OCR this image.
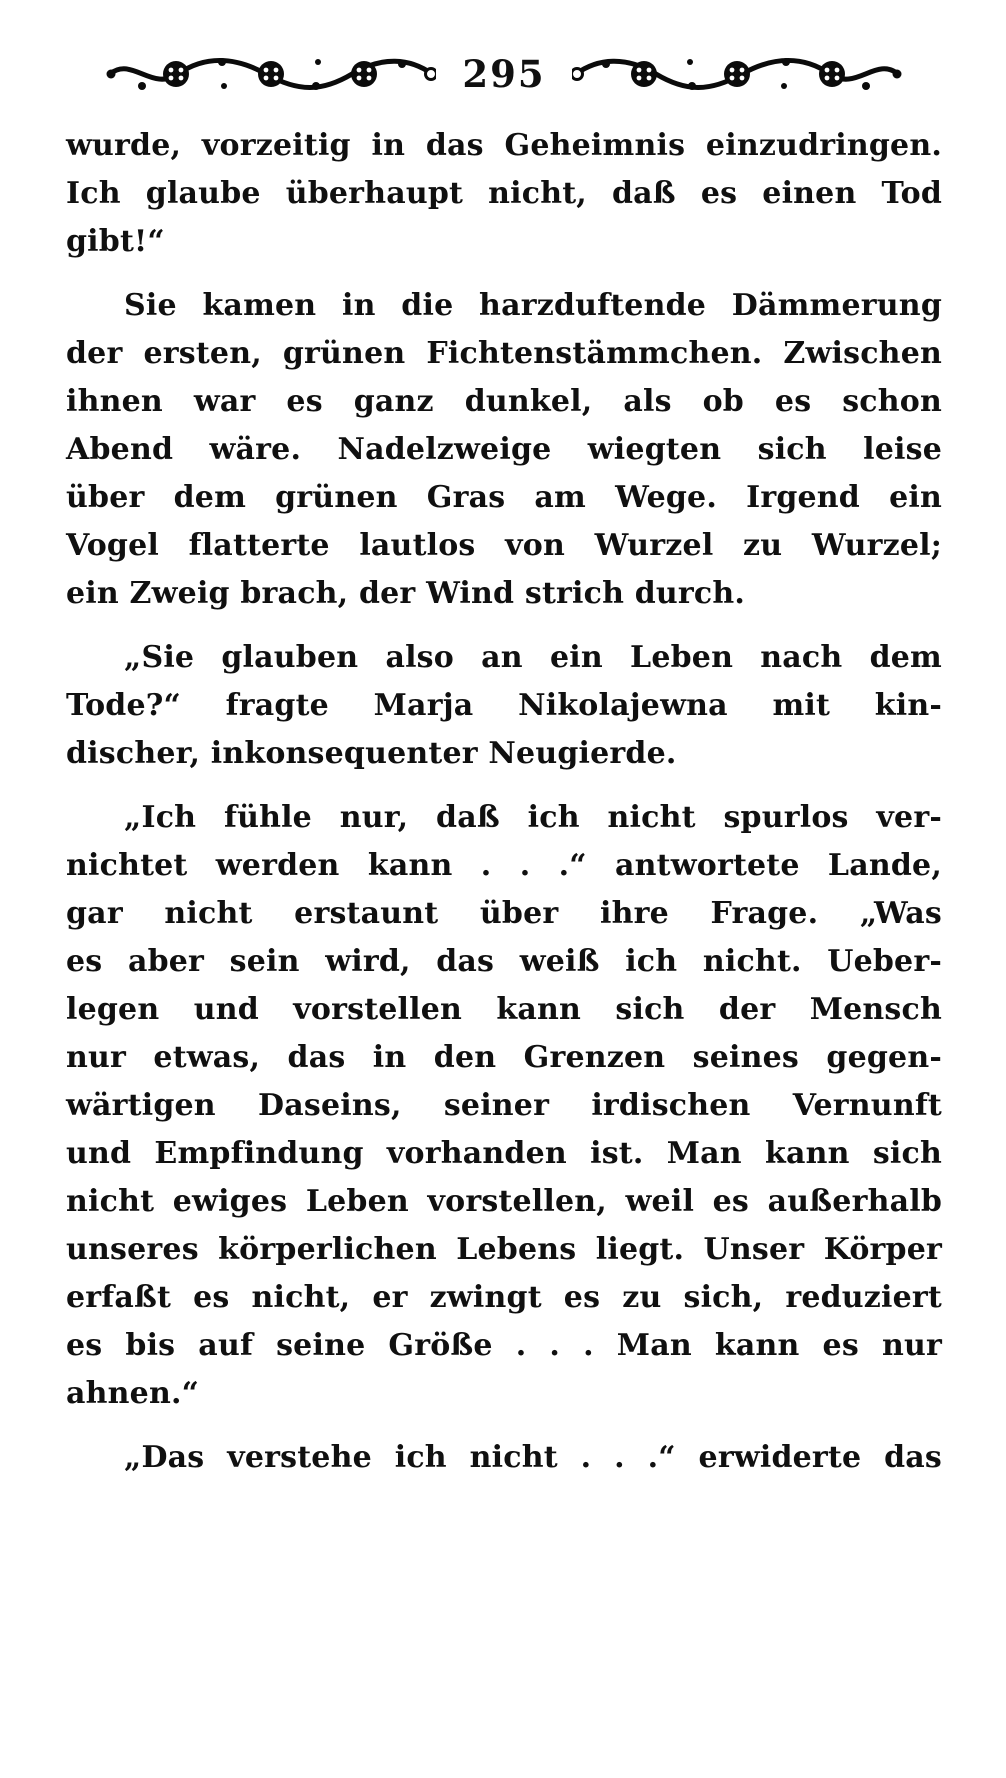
295
wurde, vorzeitig in das Geheimnis einzudringen.
Ich glaube überhaupt nicht, daß es einen Tod
gibt!“
Sie kamen in die harzduftende Dämmerung
der ersten, grünen Fichtenstämmchen. Zwischen
ihnen war es ganz dunkel, als ob es schon
Abend wäre. Nadelzweige wiegten sich leise
über dem grünen Gras am Wege. Irgend ein
Vogel flatterte lautlos von Wurzel zu Wurzel;
ein Zweig brach, der Wind strich durch.
„Sie glauben also an ein Leben nach dem
Tode?“ fragte Marja Nikolajewna mit kin-
discher, inkonsequenter Neugierde.
„Ich fühle nur, daß ich nicht spurlos ver-
nichtet werden kann . . .“ antwortete Lande,
gar nicht erstaunt über ihre Frage. „Was
es aber sein wird, das weiß ich nicht. Ueber-
legen und vorstellen kann sich der Mensch
nur etwas, das in den Grenzen seines gegen-
wärtigen Daseins, seiner irdischen Vernunft
und Empfindung vorhanden ist. Man kann sich
nicht ewiges Leben vorstellen, weil es außerhalb
unseres körperlichen Lebens liegt. Unser Körper
erfaßt es nicht, er zwingt es zu sich, reduziert
es bis auf seine Größe . . . Man kann es nur
ahnen.“
„Das verstehe ich nicht . . .“ erwiderte das
